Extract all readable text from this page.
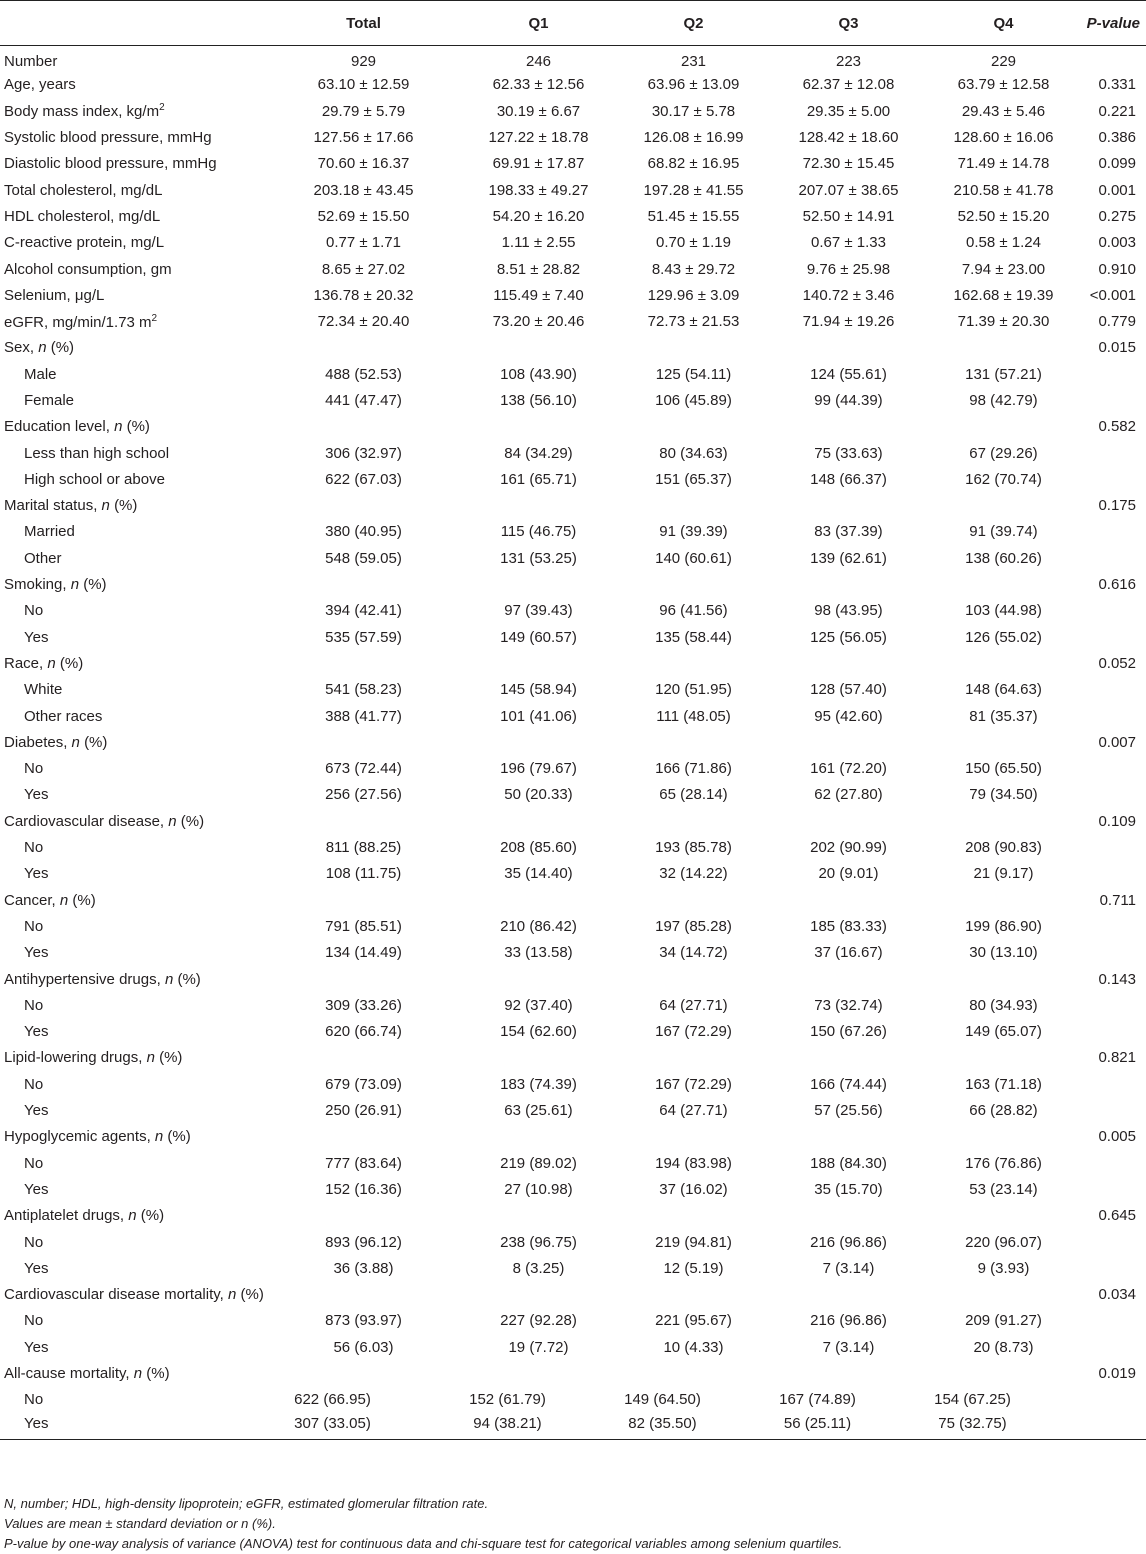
	Total	Q1	Q2	Q3	Q4	P-value
Number	929	246	231	223	229	
Age, years	63.10 ± 12.59	62.33 ± 12.56	63.96 ± 13.09	62.37 ± 12.08	63.79 ± 12.58	0.331
Body mass index, $kg/m^2$	29.79 ± 5.79	30.19 ± 6.67	30.17 ± 5.78	29.35 ± 5.00	29.43 ± 5.46	0.221
Systolic blood pressure, mmHg	127.56 ± 17.66	127.22 ± 18.78	126.08 ± 16.99	128.42 ± 18.60	128.60 ± 16.06	0.386
Diastolic blood pressure, mmHg	70.60 ± 16.37	69.91 ± 17.87	68.82 ± 16.95	72.30 ± 15.45	71.49 ± 14.78	0.099
Total cholesterol, mg/dL	203.18 ± 43.45	198.33 ± 49.27	197.28 ± 41.55	207.07 ± 38.65	210.58 ± 41.78	0.001
HDL cholesterol, mg/dL	52.69 ± 15.50	54.20 ± 16.20	51.45 ± 15.55	52.50 ± 14.91	52.50 ± 15.20	0.275
C-reactive protein, mg/L	0.77 ± 1.71	1.11 ± 2.55	0.70 ± 1.19	0.67 ± 1.33	0.58 ± 1.24	0.003
Alcohol consumption, gm	8.65 ± 27.02	8.51 ± 28.82	8.43 ± 29.72	9.76 ± 25.98	7.94 ± 23.00	0.910
Selenium, μg/L	136.78 ± 20.32	115.49 ± 7.40	129.96 ± 3.09	140.72 ± 3.46	162.68 ± 19.39	<0.001
eGFR, mg/min/1.73 $m^2$	72.34 ± 20.40	73.20 ± 20.46	72.73 ± 21.53	71.94 ± 19.26	71.39 ± 20.30	0.779
Sex, n (%)						0.015
Male	488 (52.53)	108 (43.90)	125 (54.11)	124 (55.61)	131 (57.21)	
Female	441 (47.47)	138 (56.10)	106 (45.89)	99 (44.39)	98 (42.79)	
Education level, n (%)						0.582
Less than high school	306 (32.97)	84 (34.29)	80 (34.63)	75 (33.63)	67 (29.26)	
High school or above	622 (67.03)	161 (65.71)	151 (65.37)	148 (66.37)	162 (70.74)	
Marital status, n (%)						0.175
Married	380 (40.95)	115 (46.75)	91 (39.39)	83 (37.39)	91 (39.74)	
Other	548 (59.05)	131 (53.25)	140 (60.61)	139 (62.61)	138 (60.26)	
Smoking, n (%)						0.616
No	394 (42.41)	97 (39.43)	96 (41.56)	98 (43.95)	103 (44.98)	
Yes	535 (57.59)	149 (60.57)	135 (58.44)	125 (56.05)	126 (55.02)	
Race, n (%)						0.052
White	541 (58.23)	145 (58.94)	120 (51.95)	128 (57.40)	148 (64.63)	
Other races	388 (41.77)	101 (41.06)	111 (48.05)	95 (42.60)	81 (35.37)	
Diabetes, n (%)						0.007
No	673 (72.44)	196 (79.67)	166 (71.86)	161 (72.20)	150 (65.50)	
Yes	256 (27.56)	50 (20.33)	65 (28.14)	62 (27.80)	79 (34.50)	
Cardiovascular disease, n (%)						0.109
No	811 (88.25)	208 (85.60)	193 (85.78)	202 (90.99)	208 (90.83)	
Yes	108 (11.75)	35 (14.40)	32 (14.22)	20 (9.01)	21 (9.17)	
Cancer, n (%)						0.711
No	791 (85.51)	210 (86.42)	197 (85.28)	185 (83.33)	199 (86.90)	
Yes	134 (14.49)	33 (13.58)	34 (14.72)	37 (16.67)	30 (13.10)	
Antihypertensive drugs, n (%)						0.143
No	309 (33.26)	92 (37.40)	64 (27.71)	73 (32.74)	80 (34.93)	
Yes	620 (66.74)	154 (62.60)	167 (72.29)	150 (67.26)	149 (65.07)	
Lipid-lowering drugs, n (%)						0.821
No	679 (73.09)	183 (74.39)	167 (72.29)	166 (74.44)	163 (71.18)	
Yes	250 (26.91)	63 (25.61)	64 (27.71)	57 (25.56)	66 (28.82)	
Hypoglycemic agents, n (%)						0.005
No	777 (83.64)	219 (89.02)	194 (83.98)	188 (84.30)	176 (76.86)	
Yes	152 (16.36)	27 (10.98)	37 (16.02)	35 (15.70)	53 (23.14)	
Antiplatelet drugs, n (%)						0.645
No	893 (96.12)	238 (96.75)	219 (94.81)	216 (96.86)	220 (96.07)	
Yes	36 (3.88)	8 (3.25)	12 (5.19)	7 (3.14)	9 (3.93)	
Cardiovascular disease mortality, n (%)						0.034
No	873 (93.97)	227 (92.28)	221 (95.67)	216 (96.86)	209 (91.27)	
Yes	56 (6.03)	19 (7.72)	10 (4.33)	7 (3.14)	20 (8.73)	
All-cause mortality, n (%)						0.019
No	622 (66.95)	152 (61.79)	149 (64.50)	167 (74.89)	154 (67.25)	
Yes	307 (33.05)	94 (38.21)	82 (35.50)	56 (25.11)	75 (32.75)	
N, number; HDL, high-density lipoprotein; eGFR, estimated glomerular filtration rate.
Values are mean ± standard deviation or n (%).
P-value by one-way analysis of variance (ANOVA) test for continuous data and chi-square test for categorical variables among selenium quartiles.
